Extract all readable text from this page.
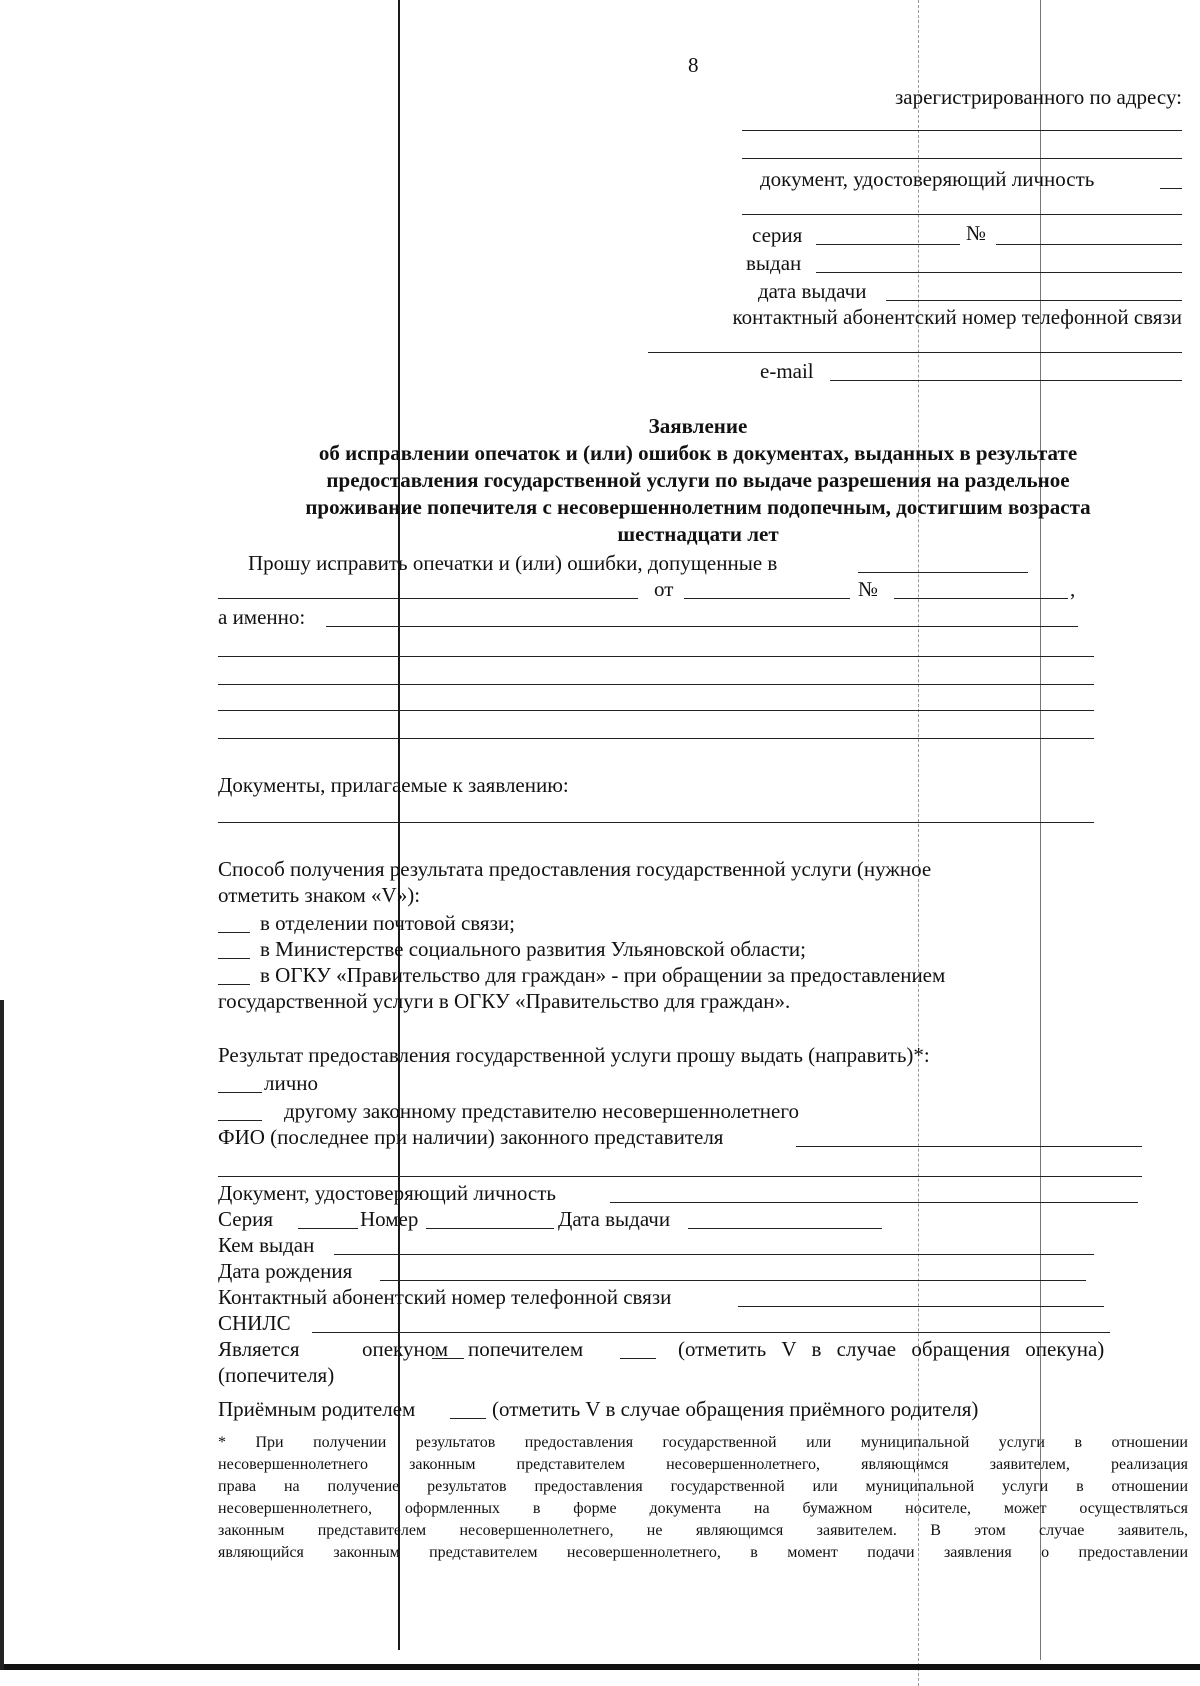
8
зарегистрированного по адресу:
документ, удостоверяющий личность
серия	№
выдан
дата выдачи
контактный абонентский номер телефонной связи
e-mail
Заявление
об исправлении опечаток и (или) ошибок в документах, выданных в результате
предоставления государственной услуги по выдаче разрешения на раздельное
проживание попечителя с несовершеннолетним подопечным, достигшим возраста
шестнадцати лет
Прошу исправить опечатки и (или) ошибки, допущенные в
от	№	,
а именно:
Документы, прилагаемые к заявлению:
Способ получения результата предоставления государственной услуги (нужное
отметить знаком «V»):
в отделении почтовой связи;
в Министерстве социального развития Ульяновской области;
в ОГКУ «Правительство для граждан» - при обращении за предоставлением
государственной услуги в ОГКУ «Правительство для граждан».
Результат предоставления государственной услуги прошу выдать (направить)*:
лично
другому законному представителю несовершеннолетнего
ФИО (последнее при наличии) законного представителя
Документ, удостоверяющий личность
Серия	Номер	Дата выдачи
Кем выдан
Дата рождения
Контактный абонентский номер телефонной связи
СНИЛС
Является	опекуном попечителем	(отметить V в случае обращения опекуна)
(попечителя)
Приёмным родителем	(отметить V в случае обращения приёмного родителя)
* При получении результатов предоставления государственной или муниципальной услуги в отношении
несовершеннолетнего законным представителем несовершеннолетнего, являющимся заявителем, реализация
права на получение результатов предоставления государственной или муниципальной услуги в отношении
несовершеннолетнего, оформленных в форме документа на бумажном носителе, может осуществляться
законным представителем несовершеннолетнего, не являющимся заявителем. В этом случае заявитель,
являющийся законным представителем несовершеннолетнего, в момент подачи заявления о предоставлении
